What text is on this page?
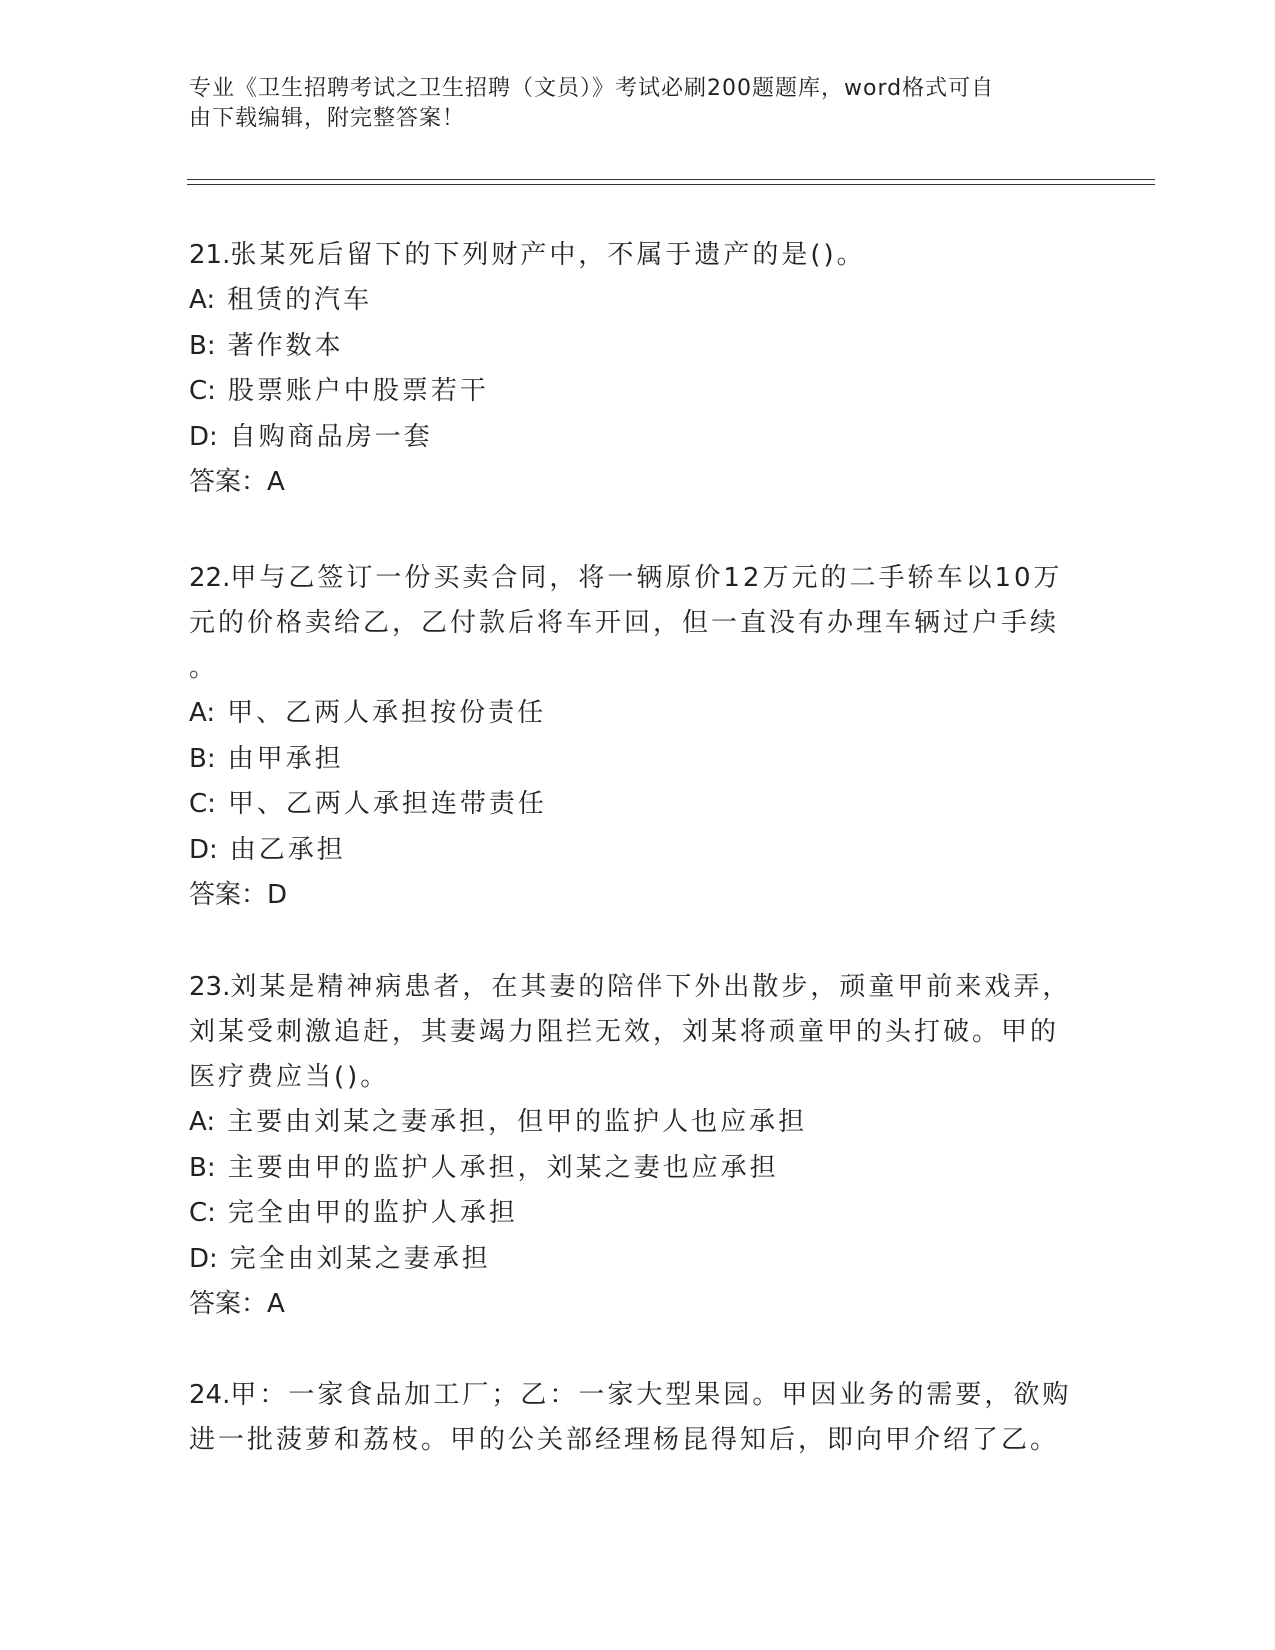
专业《卫生招聘考试之卫生招聘（文员）》考试必刷200题题库，word格式可自
由下载编辑，附完整答案！
21.张某死后留下的下列财产中，不属于遗产的是()。
A: 租赁的汽车
B: 著作数本
C: 股票账户中股票若干
D: 自购商品房一套
答案：A
22.甲与乙签订一份买卖合同，将一辆原价12万元的二手轿车以10万
元的价格卖给乙，乙付款后将车开回，但一直没有办理车辆过户手续
。
A: 甲、乙两人承担按份责任
B: 由甲承担
C: 甲、乙两人承担连带责任
D: 由乙承担
答案：D
23.刘某是精神病患者，在其妻的陪伴下外出散步，顽童甲前来戏弄，
刘某受刺激追赶，其妻竭力阻拦无效，刘某将顽童甲的头打破。甲的
医疗费应当()。
A: 主要由刘某之妻承担，但甲的监护人也应承担
B: 主要由甲的监护人承担，刘某之妻也应承担
C: 完全由甲的监护人承担
D: 完全由刘某之妻承担
答案：A
24.甲：一家食品加工厂；乙：一家大型果园。甲因业务的需要，欲购
进一批菠萝和荔枝。甲的公关部经理杨昆得知后，即向甲介绍了乙。
